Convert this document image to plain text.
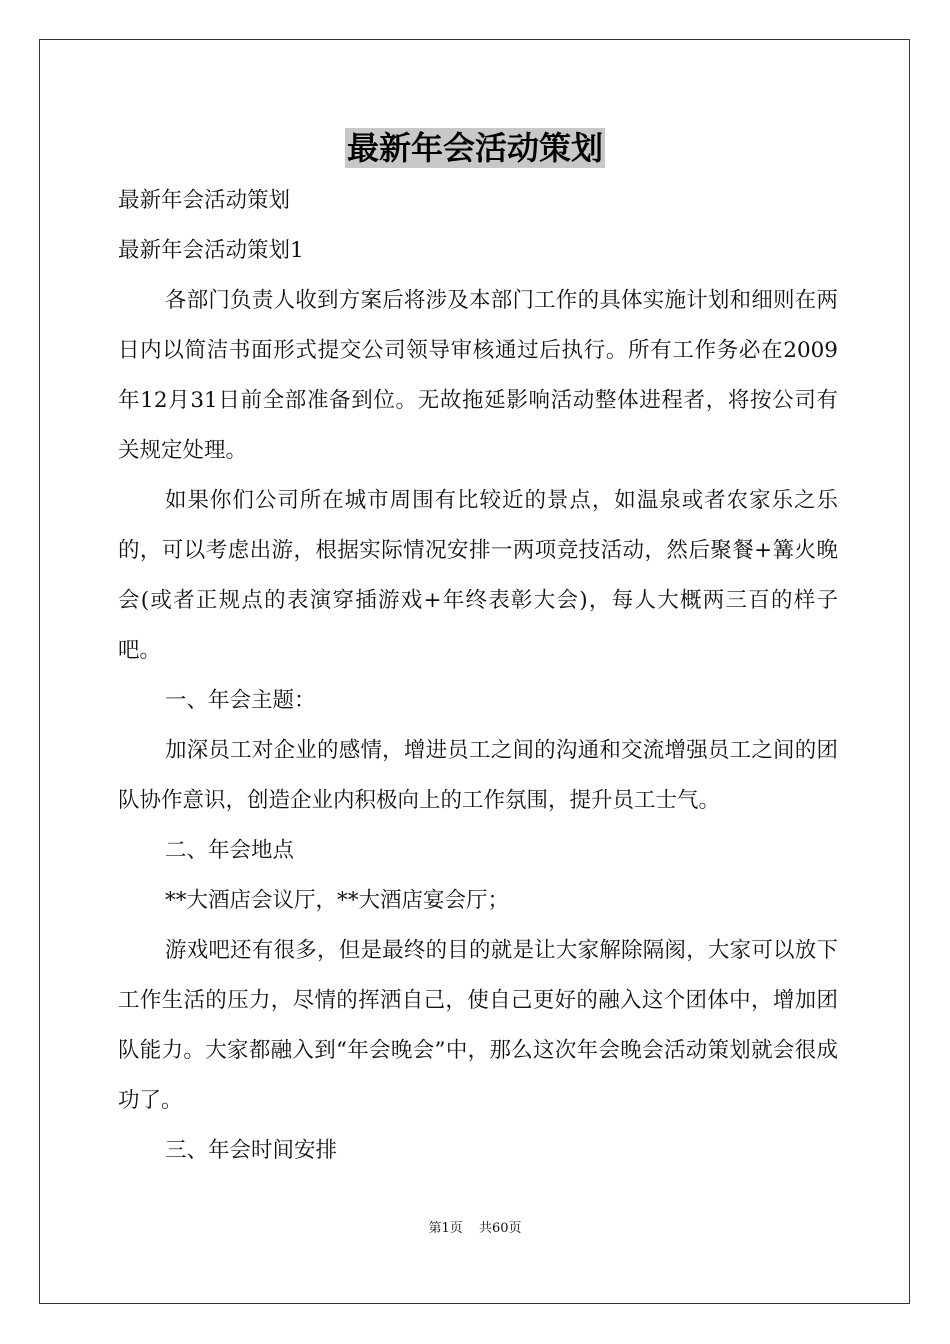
最新年会活动策划
最新年会活动策划
最新年会活动策划1
各部门负责人收到方案后将涉及本部门工作的具体实施计划和细则在两日内以简洁书面形式提交公司领导审核通过后执行。所有工作务必在2009年12月31日前全部准备到位。无故拖延影响活动整体进程者，将按公司有关规定处理。
如果你们公司所在城市周围有比较近的景点，如温泉或者农家乐之乐的，可以考虑出游，根据实际情况安排一两项竞技活动，然后聚餐+篝火晚会(或者正规点的表演穿插游戏+年终表彰大会)，每人大概两三百的样子吧。
一、年会主题：
加深员工对企业的感情，增进员工之间的沟通和交流增强员工之间的团队协作意识，创造企业内积极向上的工作氛围，提升员工士气。
二、年会地点
**大酒店会议厅，**大酒店宴会厅；
游戏吧还有很多，但是最终的目的就是让大家解除隔阂，大家可以放下工作生活的压力，尽情的挥洒自己，使自己更好的融入这个团体中，增加团队能力。大家都融入到“年会晚会”中，那么这次年会晚会活动策划就会很成功了。
三、年会时间安排
第1页 共60页
